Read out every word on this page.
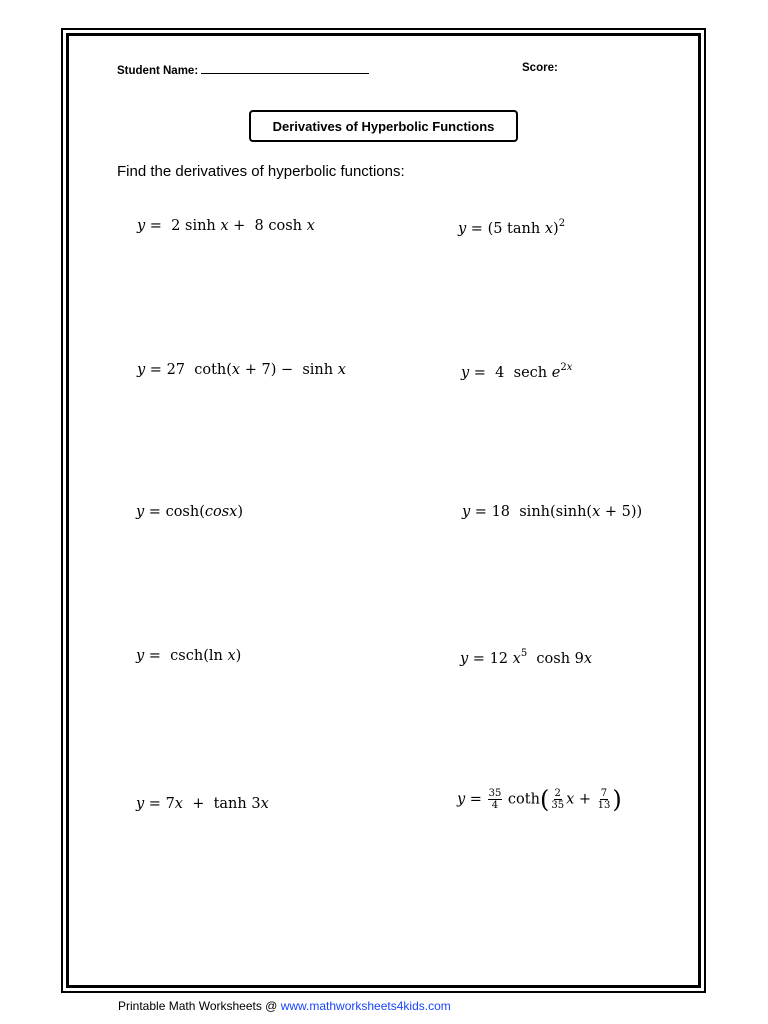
Student Name:	Score:
Derivatives of Hyperbolic Functions
Find the derivatives of hyperbolic functions:
y =  2 sinh x +  8 cosh x	y = (5 tanh x)$^2$
y = 27  coth(x + 7) −  sinh x	y =  4  sech $e^{2x}$
y = cosh(cosx)	y = 18  sinh(sinh(x + 5))
y =  csch(ln x)	y = 12 $x^5$  cosh 9x
y = 7x  +  tanh 3x	$y = \frac{35}{4} \cot h( \frac{2}{35}$ $x + \frac{7}{13}$ )
Printable Math Worksheets @ www.mathworksheets4kids.com
